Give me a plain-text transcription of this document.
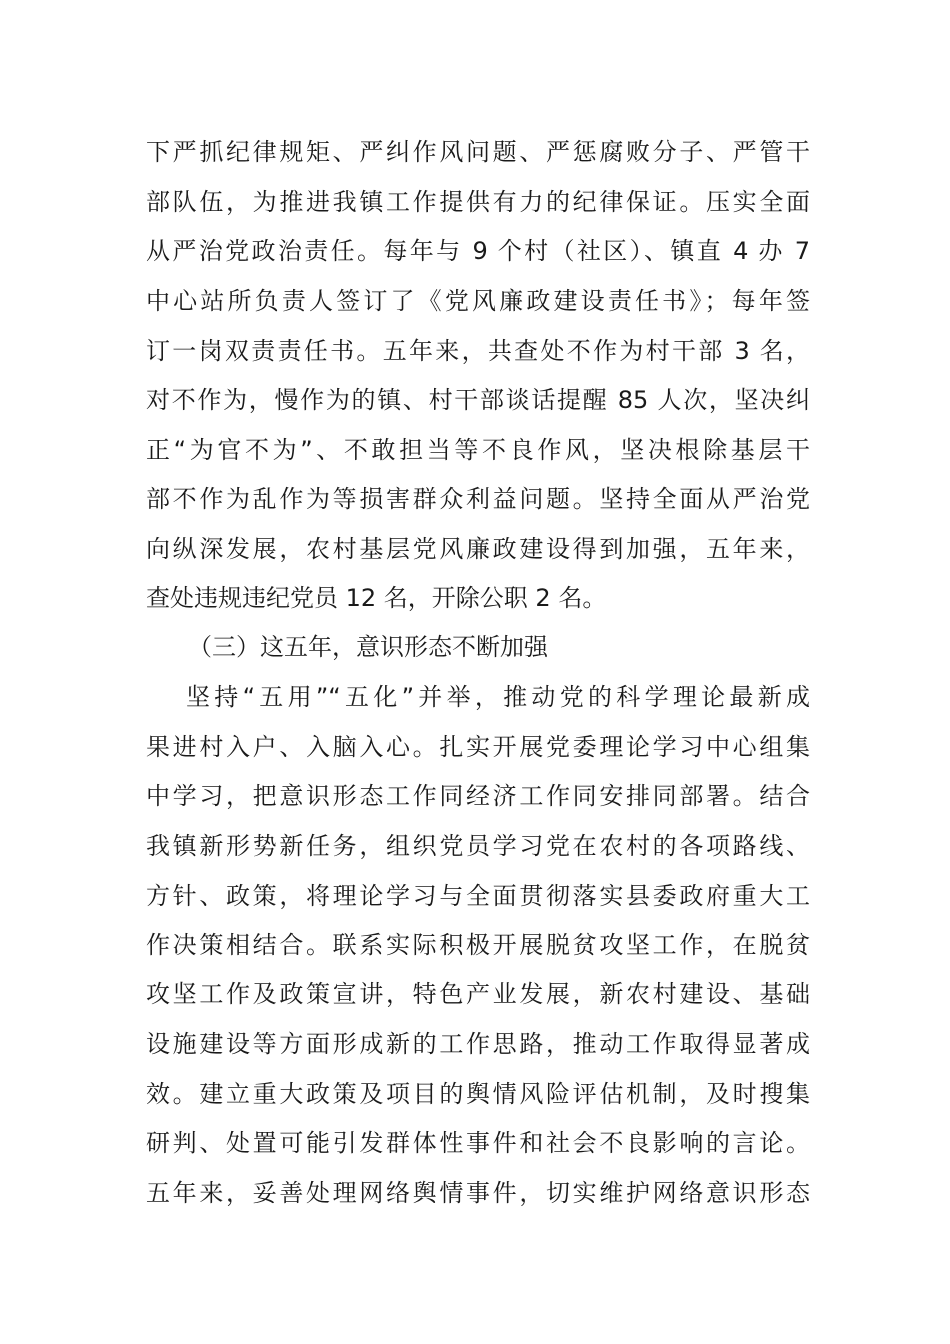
下严抓纪律规矩、严纠作风问题、严惩腐败分子、严管干
部队伍，为推进我镇工作提供有力的纪律保证。压实全面
从严治党政治责任。每年与 9 个村（社区）、镇直 4 办 7
中心站所负责人签订了《党风廉政建设责任书》；每年签
订一岗双责责任书。五年来，共查处不作为村干部 3 名，
对不作为，慢作为的镇、村干部谈话提醒 85 人次，坚决纠
正“为官不为”、不敢担当等不良作风，坚决根除基层干
部不作为乱作为等损害群众利益问题。坚持全面从严治党
向纵深发展，农村基层党风廉政建设得到加强，五年来，
查处违规违纪党员 12 名，开除公职 2 名。
（三）这五年，意识形态不断加强
坚持“五用”“五化”并举，推动党的科学理论最新成
果进村入户、入脑入心。扎实开展党委理论学习中心组集
中学习，把意识形态工作同经济工作同安排同部署。结合
我镇新形势新任务，组织党员学习党在农村的各项路线、
方针、政策，将理论学习与全面贯彻落实县委政府重大工
作决策相结合。联系实际积极开展脱贫攻坚工作，在脱贫
攻坚工作及政策宣讲，特色产业发展，新农村建设、基础
设施建设等方面形成新的工作思路，推动工作取得显著成
效。建立重大政策及项目的舆情风险评估机制，及时搜集
研判、处置可能引发群体性事件和社会不良影响的言论。
五年来，妥善处理网络舆情事件，切实维护网络意识形态
